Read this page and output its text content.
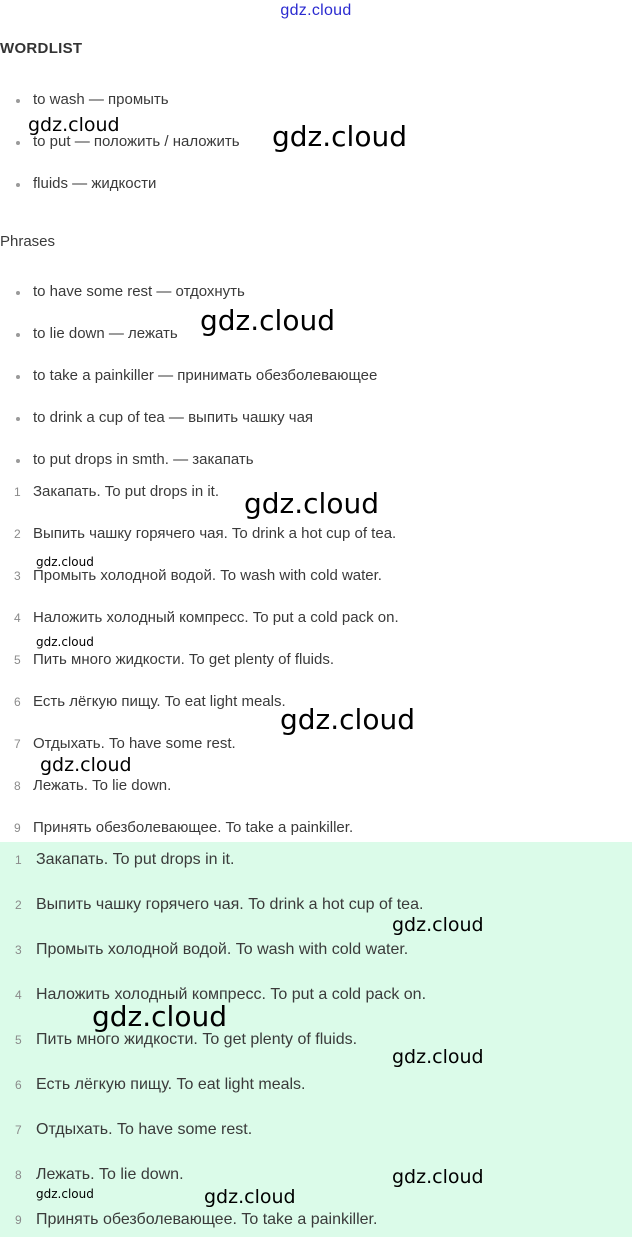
gdz.cloud
WORDLIST
to wash — промыть
to put — положить / наложить
fluids — жидкости
Phrases
to have some rest — отдохнуть
to lie down — лежать
to take a painkiller — принимать обезболевающее
to drink a cup of tea — выпить чашку чая
to put drops in smth. — закапать
1 Закапать. To put drops in it.
2 Выпить чашку горячего чая. To drink a hot cup of tea.
3 Промыть холодной водой. To wash with cold water.
4 Наложить холодный компресс. To put a cold pack on.
5 Пить много жидкости. To get plenty of fluids.
6 Есть лёгкую пищу. To eat light meals.
7 Отдыхать. To have some rest.
8 Лежать. To lie down.
9 Принять обезболевающее. To take a painkiller.
1 Закапать. To put drops in it.
2 Выпить чашку горячего чая. To drink a hot cup of tea.
3 Промыть холодной водой. To wash with cold water.
4 Наложить холодный компресс. To put a cold pack on.
5 Пить много жидкости. To get plenty of fluids.
6 Есть лёгкую пищу. To eat light meals.
7 Отдыхать. To have some rest.
8 Лежать. To lie down.
9 Принять обезболевающее. To take a painkiller.
gdz.cloud	gdz.cloud
gdz.cloud
gdz.cloud
gdz.cloud
gdz.cloud
gdz.cloud
gdz.cloud
gdz.cloud
gdz.cloud
gdz.cloud
gdz.cloud
gdz.cloud	gdz.cloud
